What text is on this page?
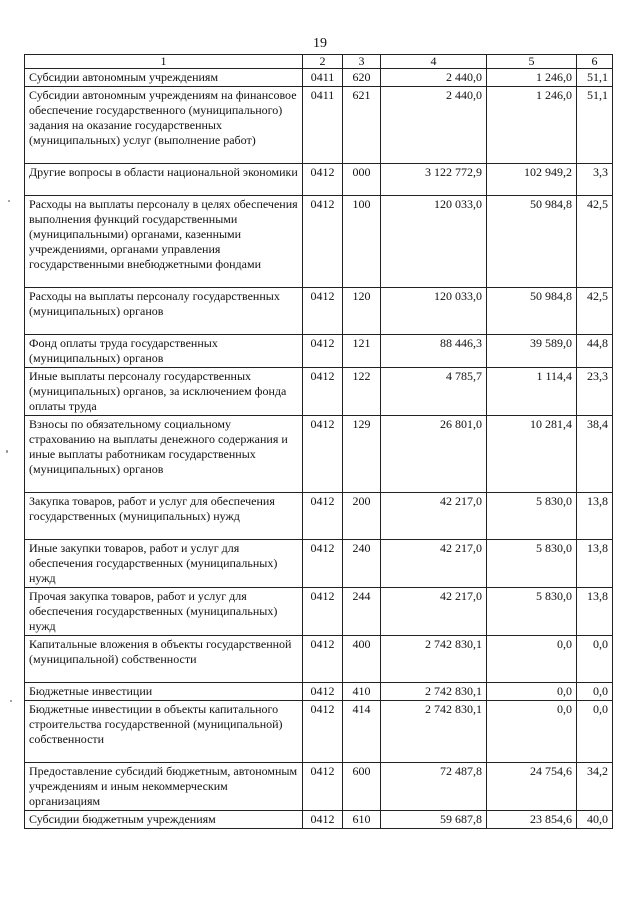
19
1	2	3	4	5	6
Субсидии автономным учреждениям	0411	620	2 440,0	1 246,0	51,1
Субсидии автономным учреждениям на финансовое обеспечение государственного (муниципального) задания на оказание государственных (муниципальных) услуг (выполнение работ)	0411	621	2 440,0	1 246,0	51,1
Другие вопросы в области национальной экономики	0412	000	3 122 772,9	102 949,2	3,3
Расходы на выплаты персоналу в целях обеспечения выполнения функций государственными (муниципальными) органами, казенными учреждениями, органами управления государственными внебюджетными фондами	0412	100	120 033,0	50 984,8	42,5
Расходы на выплаты персоналу государственных (муниципальных) органов	0412	120	120 033,0	50 984,8	42,5
Фонд оплаты труда государственных (муниципальных) органов	0412	121	88 446,3	39 589,0	44,8
Иные выплаты персоналу государственных (муниципальных) органов, за исключением фонда оплаты труда	0412	122	4 785,7	1 114,4	23,3
Взносы по обязательному социальному страхованию на выплаты денежного содержания и иные выплаты работникам государственных (муниципальных) органов	0412	129	26 801,0	10 281,4	38,4
Закупка товаров, работ и услуг для обеспечения государственных (муниципальных) нужд	0412	200	42 217,0	5 830,0	13,8
Иные закупки товаров, работ и услуг для обеспечения государственных (муниципальных) нужд	0412	240	42 217,0	5 830,0	13,8
Прочая закупка товаров, работ и услуг для обеспечения государственных (муниципальных) нужд	0412	244	42 217,0	5 830,0	13,8
Капитальные вложения в объекты государственной (муниципальной) собственности	0412	400	2 742 830,1	0,0	0,0
Бюджетные инвестиции	0412	410	2 742 830,1	0,0	0,0
Бюджетные инвестиции в объекты капитального строительства государственной (муниципальной) собственности	0412	414	2 742 830,1	0,0	0,0
Предоставление субсидий бюджетным, автономным учреждениям и иным некоммерческим организациям	0412	600	72 487,8	24 754,6	34,2
Субсидии бюджетным учреждениям	0412	610	59 687,8	23 854,6	40,0
